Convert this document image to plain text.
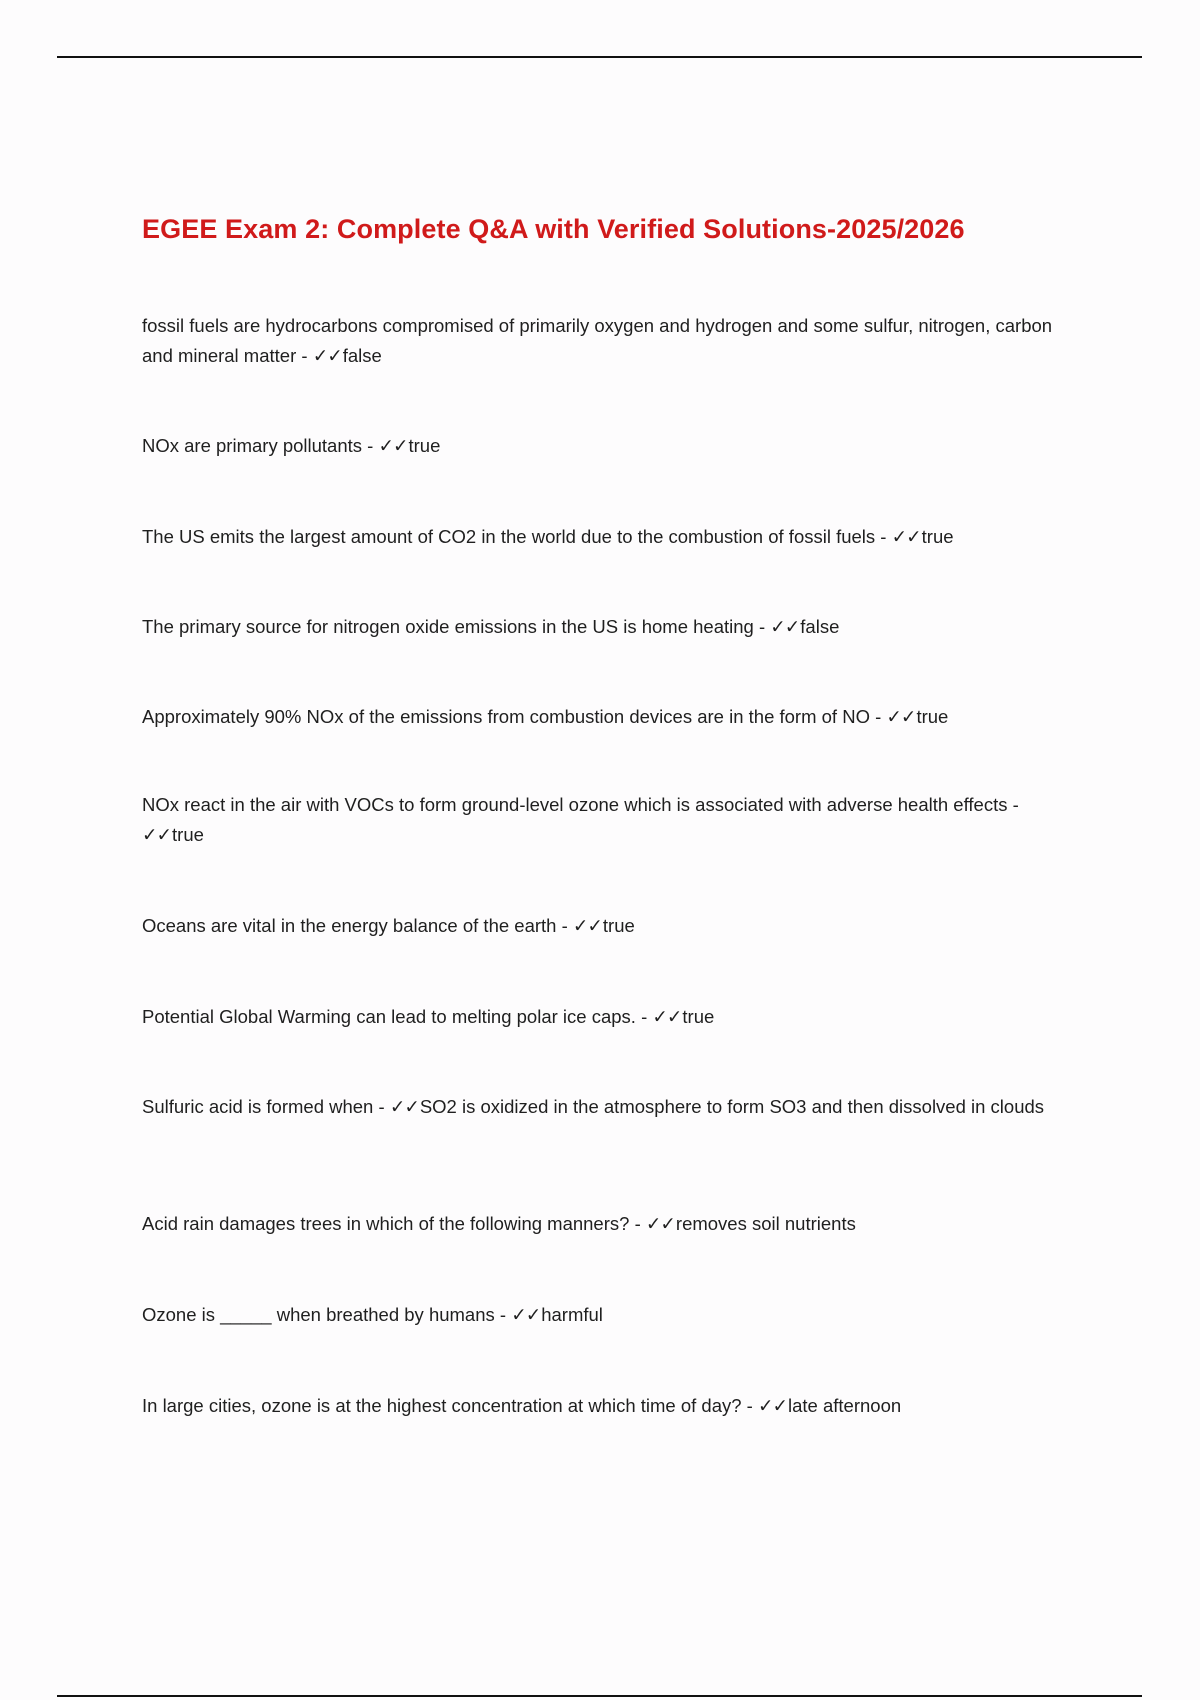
EGEE Exam 2: Complete Q&A with Verified Solutions-2025/2026

fossil fuels are hydrocarbons compromised of primarily oxygen and hydrogen and some sulfur, nitrogen, carbon and mineral matter - ✓✓false

NOx are primary pollutants - ✓✓true

The US emits the largest amount of CO2 in the world due to the combustion of fossil fuels - ✓✓true

The primary source for nitrogen oxide emissions in the US is home heating - ✓✓false

Approximately 90% NOx of the emissions from combustion devices are in the form of NO - ✓✓true

NOx react in the air with VOCs to form ground-level ozone which is associated with adverse health effects - ✓✓true

Oceans are vital in the energy balance of the earth - ✓✓true

Potential Global Warming can lead to melting polar ice caps. - ✓✓true

Sulfuric acid is formed when - ✓✓SO2 is oxidized in the atmosphere to form SO3 and then dissolved in clouds

Acid rain damages trees in which of the following manners? - ✓✓removes soil nutrients

Ozone is _____ when breathed by humans - ✓✓harmful

In large cities, ozone is at the highest concentration at which time of day? - ✓✓late afternoon
